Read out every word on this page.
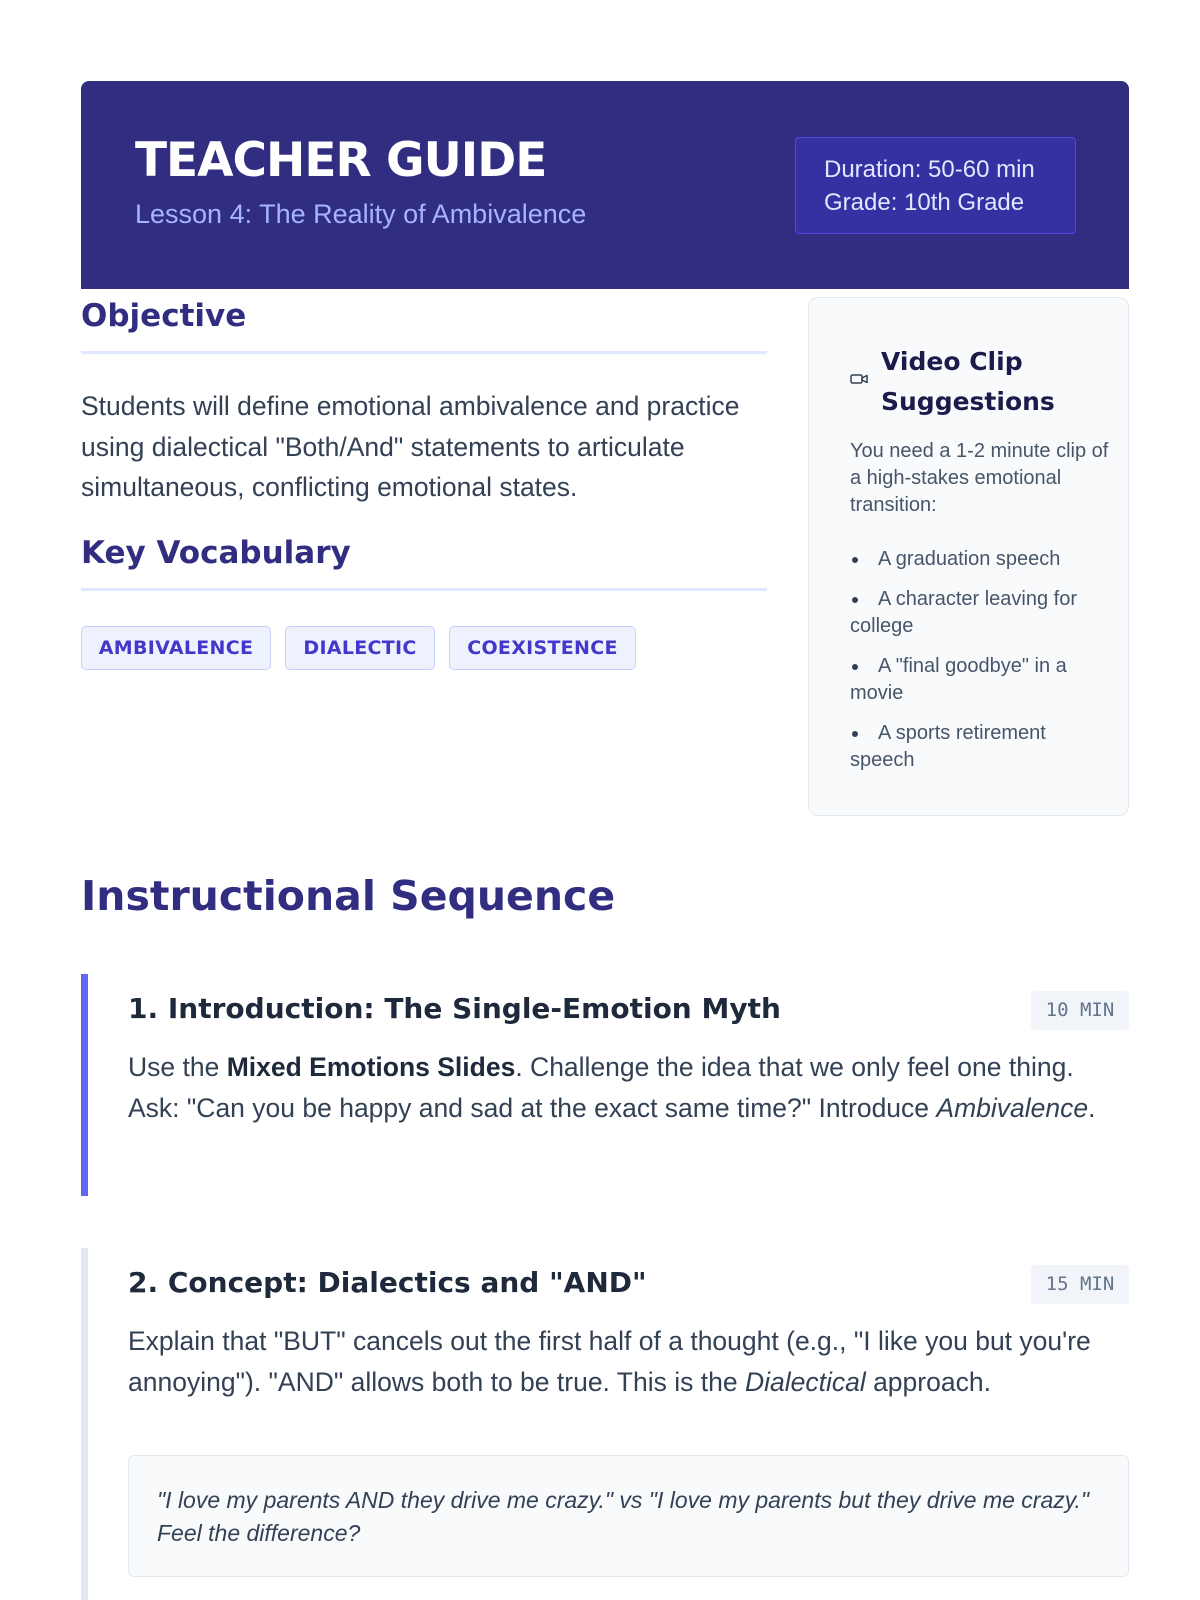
TEACHER GUIDE
Lesson 4: The Reality of Ambivalence
Duration: 50-60 min
Grade: 10th Grade
Objective
Students will define emotional ambivalence and practice using dialectical "Both/And" statements to articulate simultaneous, conflicting emotional states.
Key Vocabulary
AMBIVALENCE	DIALECTIC	COEXISTENCE
Video Clip Suggestions
You need a 1-2 minute clip of a high-stakes emotional transition:
A graduation speech
A character leaving for college
A "final goodbye" in a movie
A sports retirement speech
Instructional Sequence
1. Introduction: The Single-Emotion Myth	10 MIN
Use the Mixed Emotions Slides. Challenge the idea that we only feel one thing. Ask: "Can you be happy and sad at the exact same time?" Introduce Ambivalence.
2. Concept: Dialectics and "AND"	15 MIN
Explain that "BUT" cancels out the first half of a thought (e.g., "I like you but you're annoying"). "AND" allows both to be true. This is the Dialectical approach.
"I love my parents AND they drive me crazy." vs "I love my parents but they drive me crazy." Feel the difference?
